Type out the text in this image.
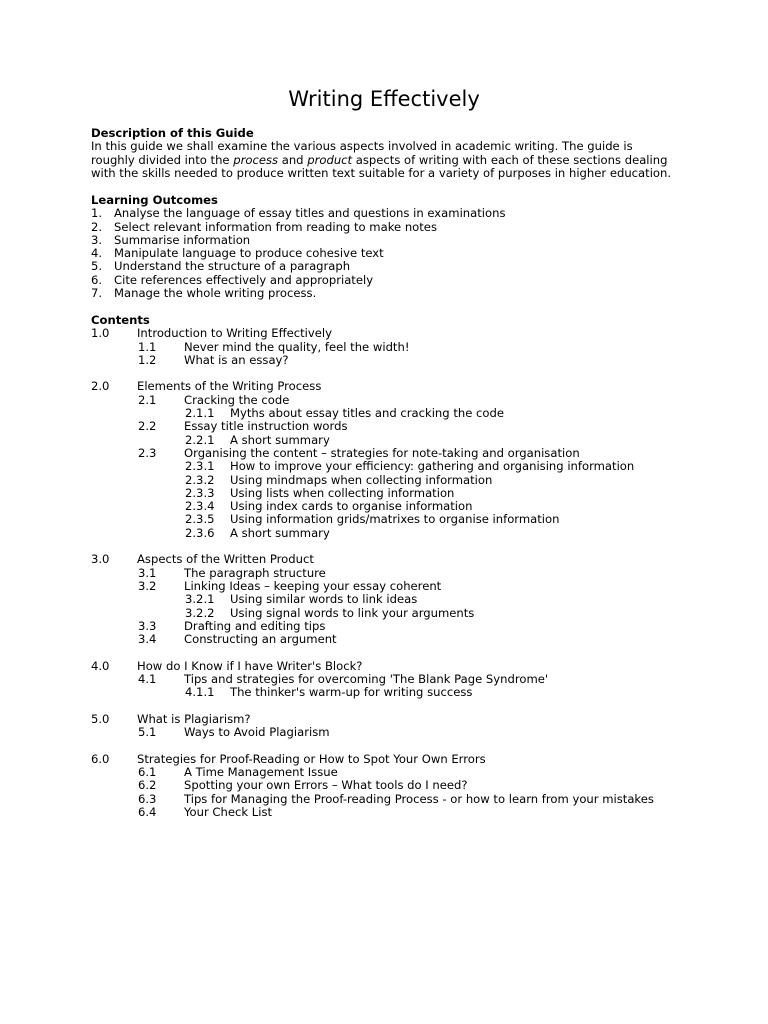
Writing Effectively

Description of this Guide

In this guide we shall examine the various aspects involved in academic writing. The guide is

roughly divided into the process and product aspects of writing with each of these sections dealing

with the skills needed to produce written text suitable for a variety of purposes in higher education.

Learning Outcomes

1. Analyse the language of essay titles and questions in examinations
2. Select relevant information from reading to make notes
3. Summarise information
4. Manipulate language to produce cohesive text
5. Understand the structure of a paragraph
6. Cite references effectively and appropriately
7. Manage the whole writing process.

Contents

1.0 Introduction to Writing Effectively
1.1 Never mind the quality, feel the width!
1.2 What is an essay?
2.0 Elements of the Writing Process
2.1 Cracking the code
2.1.1 Myths about essay titles and cracking the code
2.2 Essay title instruction words
2.2.1 A short summary
2.3 Organising the content – strategies for note-taking and organisation
2.3.1 How to improve your efficiency: gathering and organising information
2.3.2 Using mindmaps when collecting information
2.3.3 Using lists when collecting information
2.3.4 Using index cards to organise information
2.3.5 Using information grids/matrixes to organise information
2.3.6 A short summary
3.0 Aspects of the Written Product
3.1 The paragraph structure
3.2 Linking Ideas – keeping your essay coherent
3.2.1 Using similar words to link ideas
3.2.2 Using signal words to link your arguments
3.3 Drafting and editing tips
3.4 Constructing an argument
4.0 How do I Know if I have Writer's Block?
4.1 Tips and strategies for overcoming 'The Blank Page Syndrome'
4.1.1 The thinker's warm-up for writing success
5.0 What is Plagiarism?
5.1 Ways to Avoid Plagiarism
6.0 Strategies for Proof-Reading or How to Spot Your Own Errors
6.1 A Time Management Issue
6.2 Spotting your own Errors – What tools do I need?
6.3 Tips for Managing the Proof-reading Process - or how to learn from your mistakes
6.4 Your Check List
